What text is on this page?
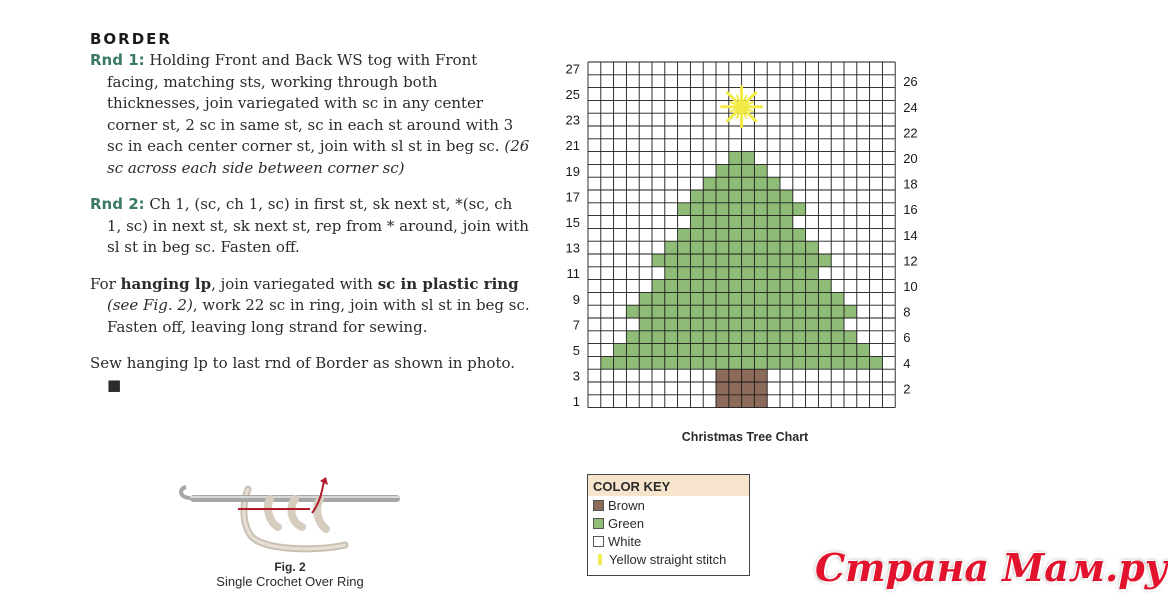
BORDER

Rnd 1: Holding Front and Back WS tog with Front facing, matching sts, working through both thicknesses, join variegated with sc in any center corner st, 2 sc in same st, sc in each st around with 3 sc in each center corner st, join with sl st in beg sc. (26 sc across each side between corner sc)

Rnd 2: Ch 1, (sc, ch 1, sc) in first st, sk next st, *(sc, ch 1, sc) in next st, sk next st, rep from * around, join with sl st in beg sc. Fasten off.

For hanging lp, join variegated with sc in plastic ring (see Fig. 2), work 22 sc in ring, join with sl st in beg sc. Fasten off, leaving long strand for sewing.

Sew hanging lp to last rnd of Border as shown in photo. ■

Fig. 2
Single Crochet Over Ring
1
3
5
7
9
11
13
15
17
19
21
23
25
27
2
4
6
8
10
12
14
16
18
20
22
24
26
Christmas Tree Chart
COLOR KEY
Brown
Green
White
Yellow straight stitch Страна Мам.ру
